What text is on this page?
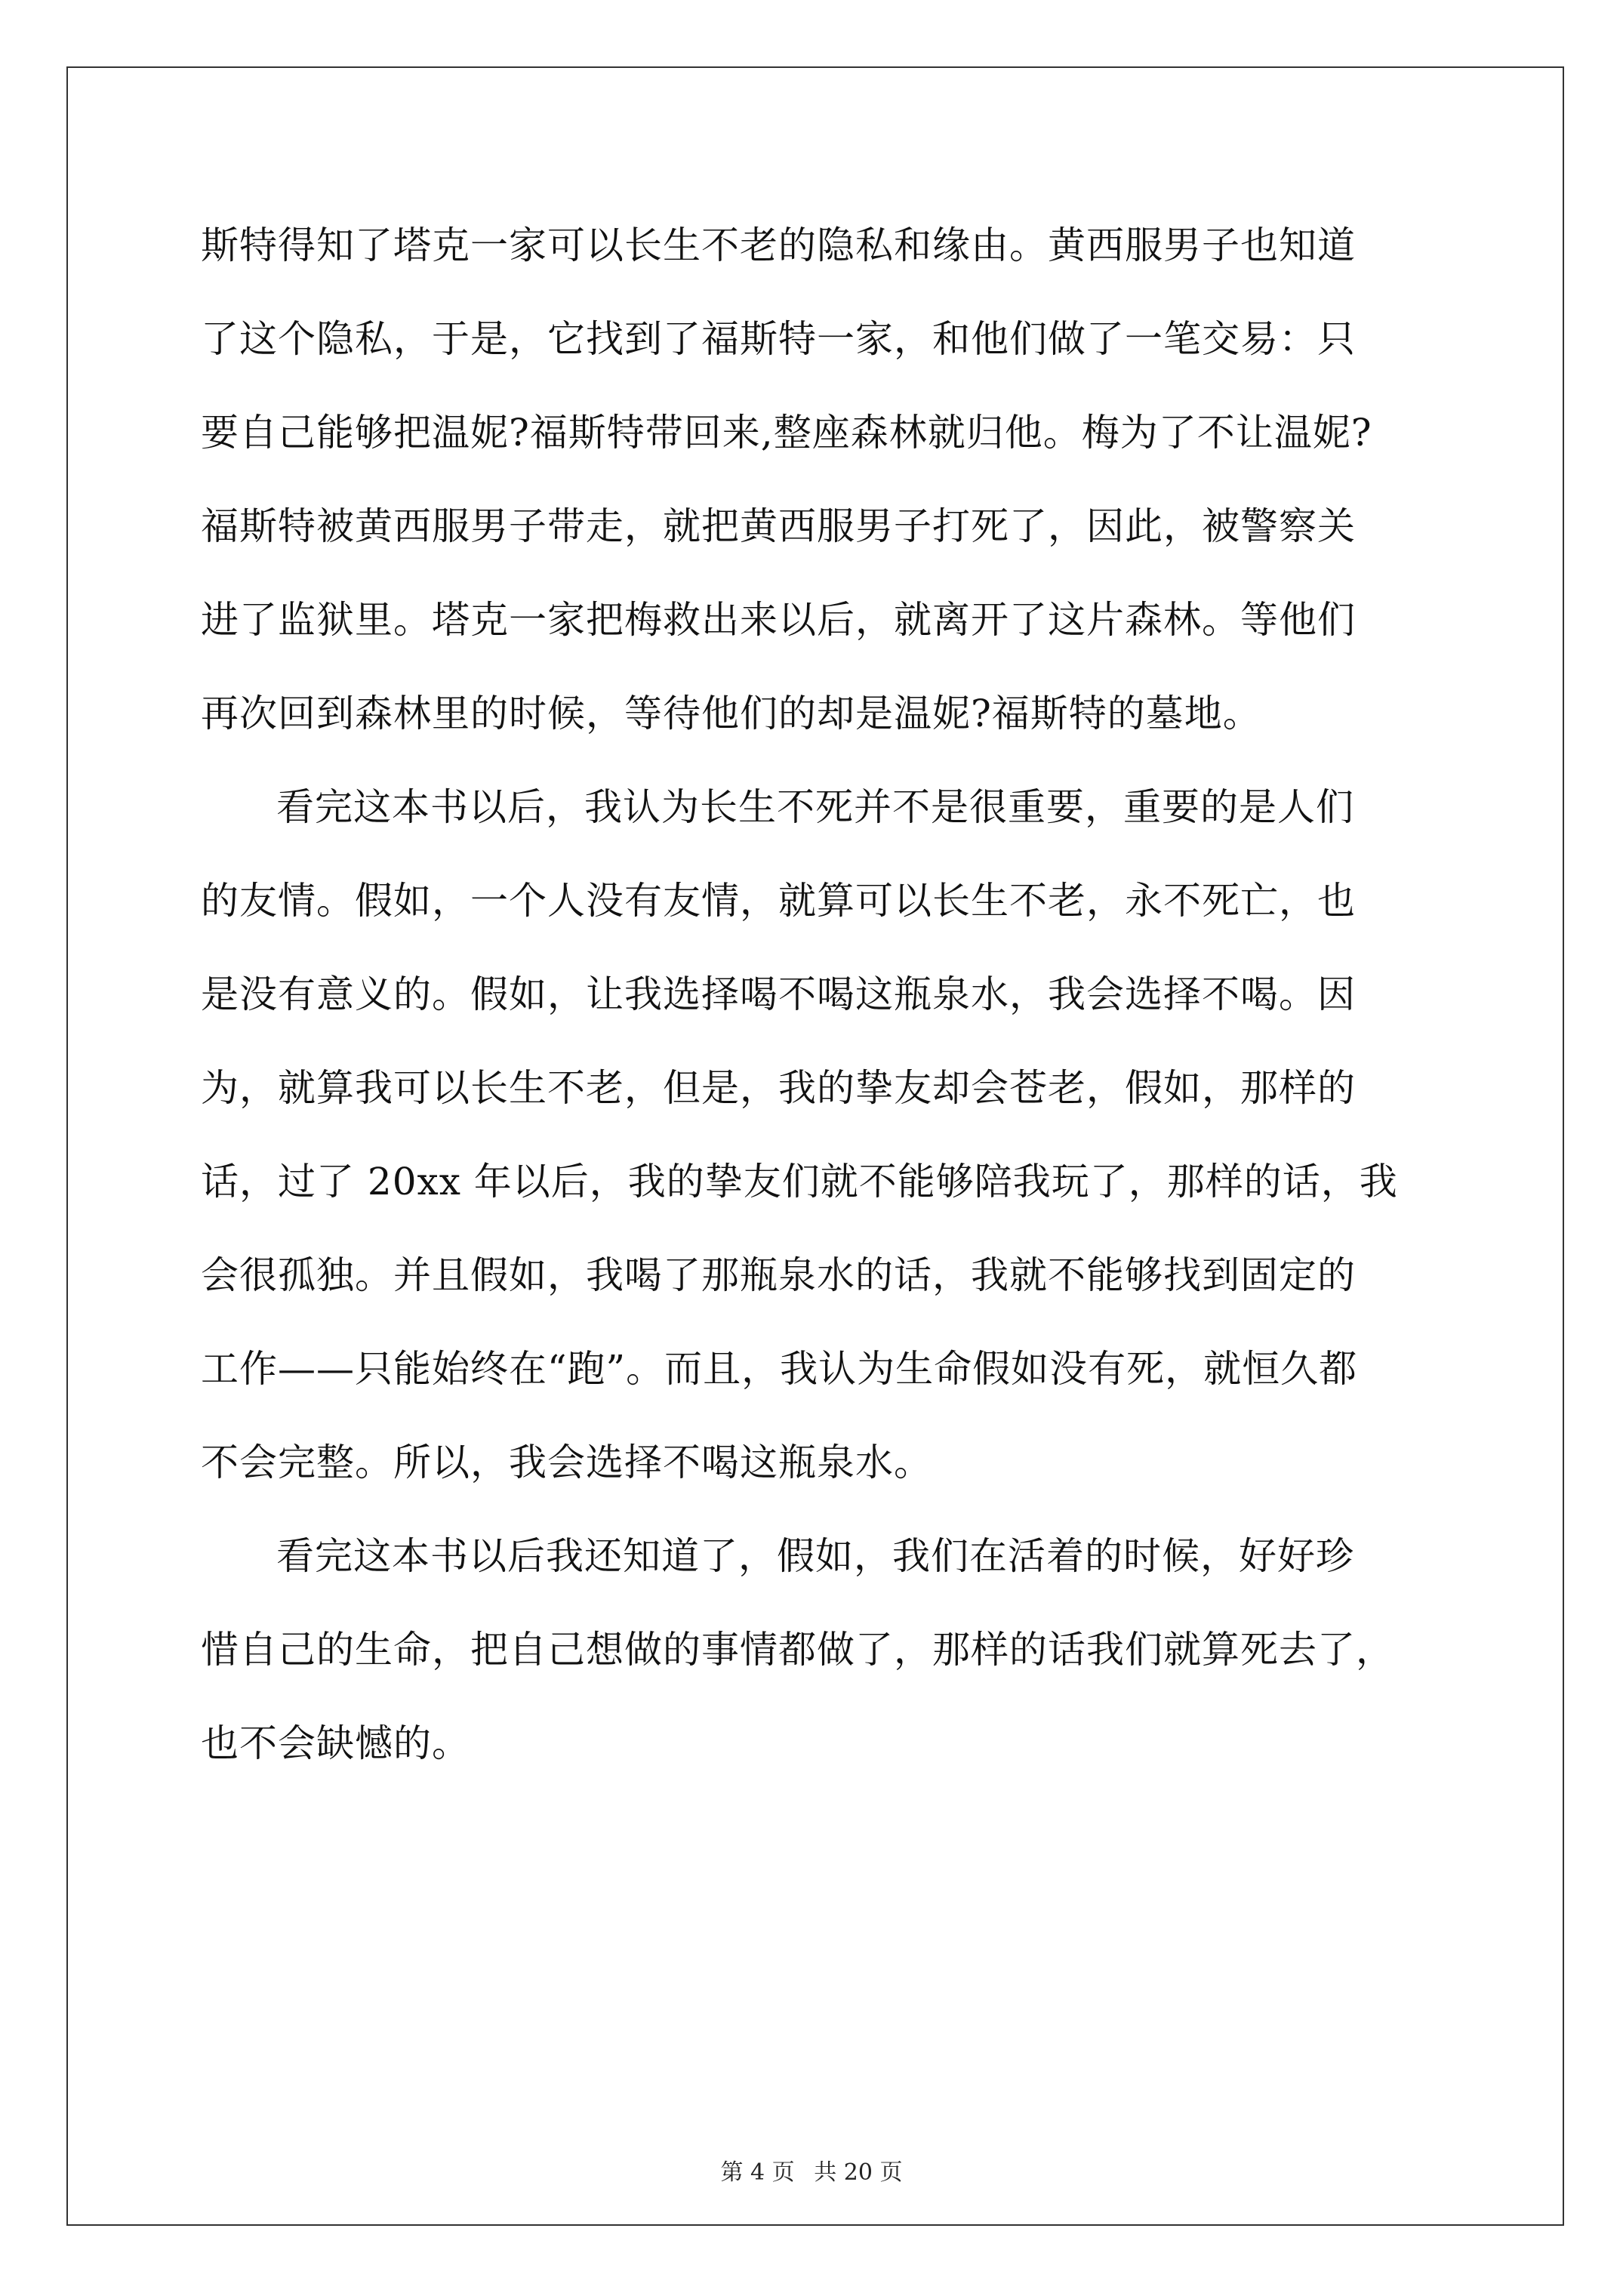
斯特得知了塔克一家可以长生不老的隐私和缘由。黄西服男子也知道
了这个隐私，于是，它找到了福斯特一家，和他们做了一笔交易：只
要自己能够把温妮?福斯特带回来,整座森林就归他。梅为了不让温妮?
福斯特被黄西服男子带走，就把黄西服男子打死了，因此，被警察关
进了监狱里。塔克一家把梅救出来以后，就离开了这片森林。等他们
再次回到森林里的时候，等待他们的却是温妮?福斯特的墓地。
看完这本书以后，我认为长生不死并不是很重要，重要的是人们
的友情。假如，一个人没有友情，就算可以长生不老，永不死亡，也
是没有意义的。假如，让我选择喝不喝这瓶泉水，我会选择不喝。因
为，就算我可以长生不老，但是，我的挚友却会苍老，假如，那样的
话，过了 20xx 年以后，我的挚友们就不能够陪我玩了，那样的话，我
会很孤独。并且假如，我喝了那瓶泉水的话，我就不能够找到固定的
工作——只能始终在“跑”。而且，我认为生命假如没有死，就恒久都
不会完整。所以，我会选择不喝这瓶泉水。
看完这本书以后我还知道了，假如，我们在活着的时候，好好珍
惜自己的生命，把自己想做的事情都做了，那样的话我们就算死去了，
也不会缺憾的。
第 4 页 共 20 页
